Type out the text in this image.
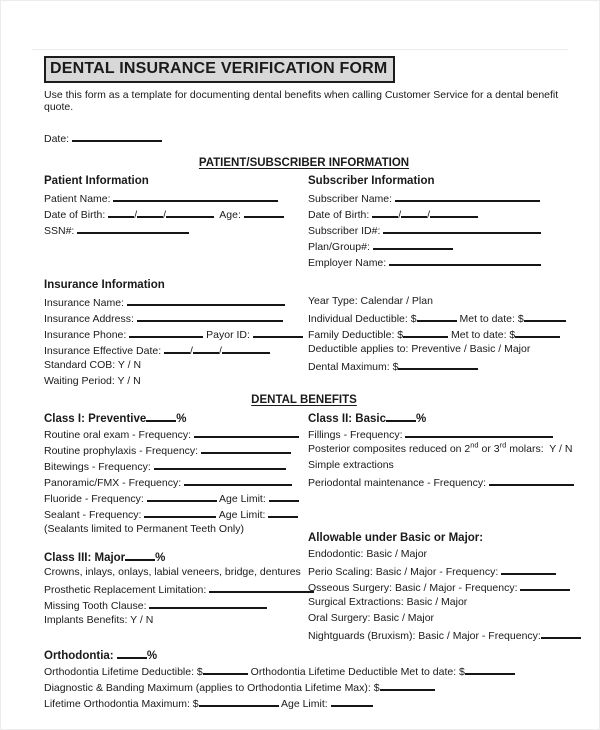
DENTAL INSURANCE VERIFICATION FORM
Use this form as a template for documenting dental benefits when calling Customer Service for a dental benefit quote.
Date:
PATIENT/SUBSCRIBER INFORMATION
Patient Information
Patient Name:
Date of Birth: / /	Age:
SSN#:
Subscriber Information
Subscriber Name:
Date of Birth: / /
Subscriber ID#:
Plan/Group#:
Employer Name:
Insurance Information
Insurance Name:
Insurance Address:
Insurance Phone:	Payor ID:
Insurance Effective Date: / /
Standard COB: Y / N
Waiting Period: Y / N
Year Type: Calendar / Plan
Individual Deductible: $	Met to date: $
Family Deductible: $	Met to date: $
Deductible applies to: Preventive / Basic / Major
Dental Maximum: $
DENTAL BENEFITS
Class I: Preventive	%
Routine oral exam - Frequency:
Routine prophylaxis - Frequency:
Bitewings - Frequency:
Panoramic/FMX - Frequency:
Fluoride - Frequency:	Age Limit:
Sealant - Frequency:	Age Limit:
(Sealants limited to Permanent Teeth Only)
Class III: Major	%
Crowns, inlays, onlays, labial veneers, bridge, dentures
Prosthetic Replacement Limitation:
Missing Tooth Clause:
Implants Benefits: Y / N
Class II: Basic	%
Fillings - Frequency:
Posterior composites reduced on 2nd or 3rd molars:  Y / N
Simple extractions
Periodontal maintenance - Frequency:
Allowable under Basic or Major:
Endodontic: Basic / Major
Perio Scaling: Basic / Major - Frequency:
Osseous Surgery: Basic / Major - Frequency:
Surgical Extractions: Basic / Major
Oral Surgery: Basic / Major
Nightguards (Bruxism): Basic / Major - Frequency:
Orthodontia:	%
Orthodontia Lifetime Deductible: $	Orthodontia Lifetime Deductible Met to date: $
Diagnostic & Banding Maximum (applies to Orthodontia Lifetime Max): $
Lifetime Orthodontia Maximum: $	Age Limit:
